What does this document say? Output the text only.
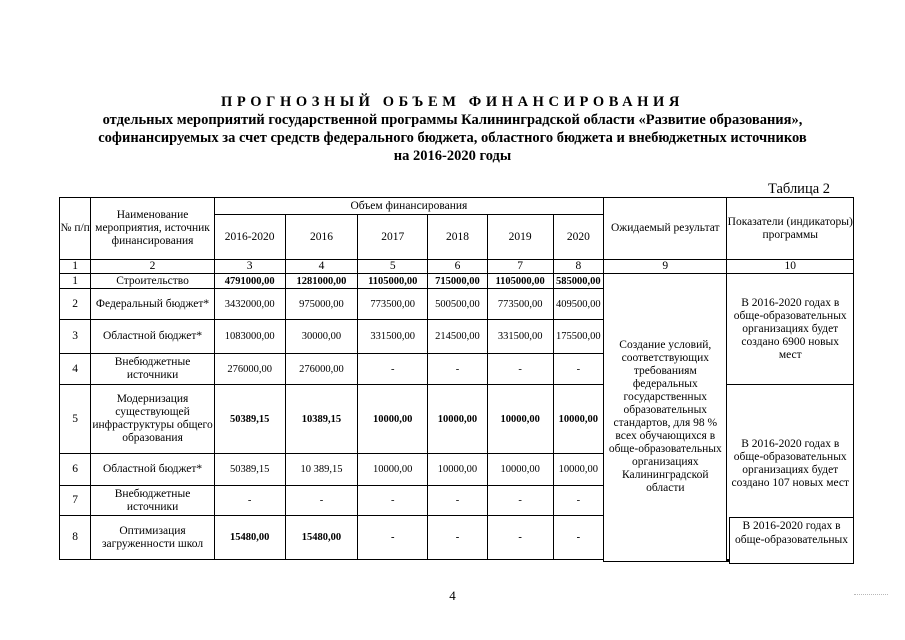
ПРОГНОЗНЫЙ ОБЪЕМ ФИНАНСИРОВАНИЯ
отдельных мероприятий государственной программы Калининградской области «Развитие образования»,
софинансируемых за счет средств федерального бюджета, областного бюджета и внебюджетных источников
на 2016-2020 годы
Таблица 2
№ п/п	Наименование мероприятия, источник финансирования	Объем финансирования						Ожидаемый результат	Показатели (индикаторы) программы
		2016-2020	2016	2017	2018	2019	2020		
1	2	3	4	5	6	7	8	9	10
1	Строительство	4791000,00	1281000,00	1105000,00	715000,00	1105000,00	585000,00	Создание условий, соответствующих требованиям федеральных государственных образовательных стандартов, для 98 % всех обучающихся в обще-образовательных организациях Калининградской области	В 2016-2020 годах в обще-образовательных организациях будет создано 6900 новых мест

2	Федеральный бюджет*	3432000,00	975000,00	773500,00	500500,00	773500,00	409500,00		
3	Областной бюджет*	1083000,00	30000,00	331500,00	214500,00	331500,00	175500,00		
4	Внебюджетные источники	276000,00	276000,00	-	-	-	-		
5	Модернизация существующей инфраструктуры общего образования	50389,15	10389,15	10000,00	10000,00	10000,00	10000,00		В 2016-2020 годах в обще-образовательных организациях будет создано 107 новых мест

6	Областной бюджет*	50389,15	10 389,15	10000,00	10000,00	10000,00	10000,00		
7	Внебюджетные источники	-	-	-	-	-	-		
8	Оптимизация загруженности школ	15480,00	15480,00	-	-	-	-		

В 2016-2020 годах в обще-образовательных
4
